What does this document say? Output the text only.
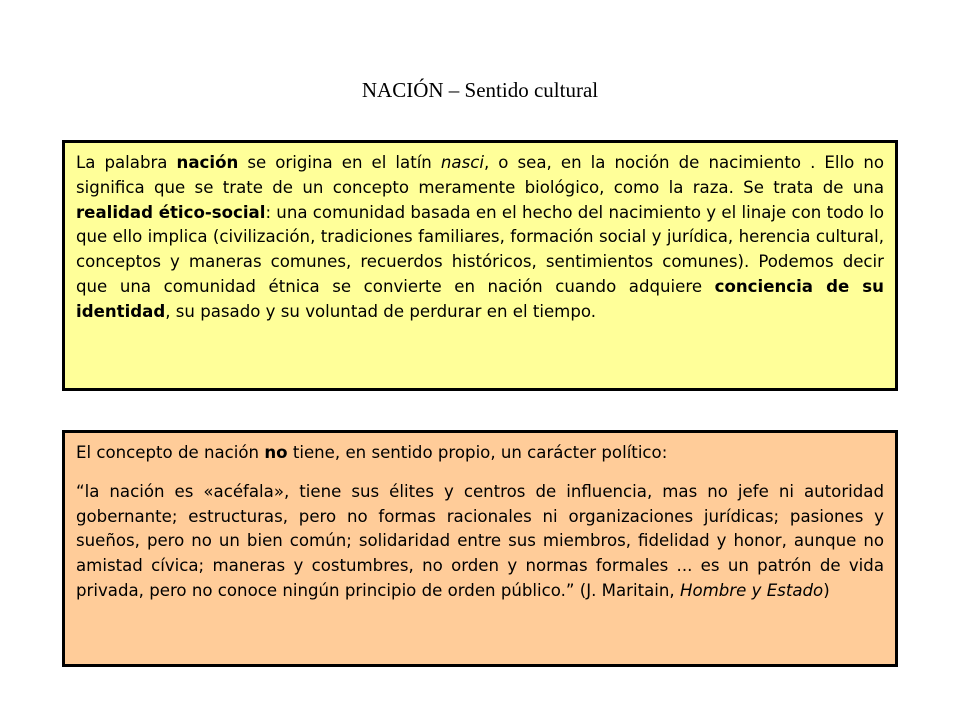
NACIÓN – Sentido cultural

La palabra nación se origina en el latín nasci, o sea, en la noción de nacimiento . Ello no significa que se trate de un concepto meramente biológico, como la raza. Se trata de una realidad ético-social: una comunidad basada en el hecho del nacimiento y el linaje con todo lo que ello implica (civilización, tradiciones familiares, formación social y jurídica, herencia cultural, conceptos y maneras comunes, recuerdos históricos, sentimientos comunes). Podemos decir que una comunidad étnica se convierte en nación cuando adquiere conciencia de su identidad, su pasado y su voluntad de perdurar en el tiempo.

El concepto de nación no tiene, en sentido propio, un carácter político:

“la nación es «acéfala», tiene sus élites y centros de influencia, mas no jefe ni autoridad gobernante; estructuras, pero no formas racionales ni organizaciones jurídicas; pasiones y sueños, pero no un bien común; solidaridad entre sus miembros, fidelidad y honor, aunque no amistad cívica; maneras y costumbres, no orden y normas formales ... es un patrón de vida privada, pero no conoce ningún principio de orden público.” (J. Maritain, Hombre y Estado)
